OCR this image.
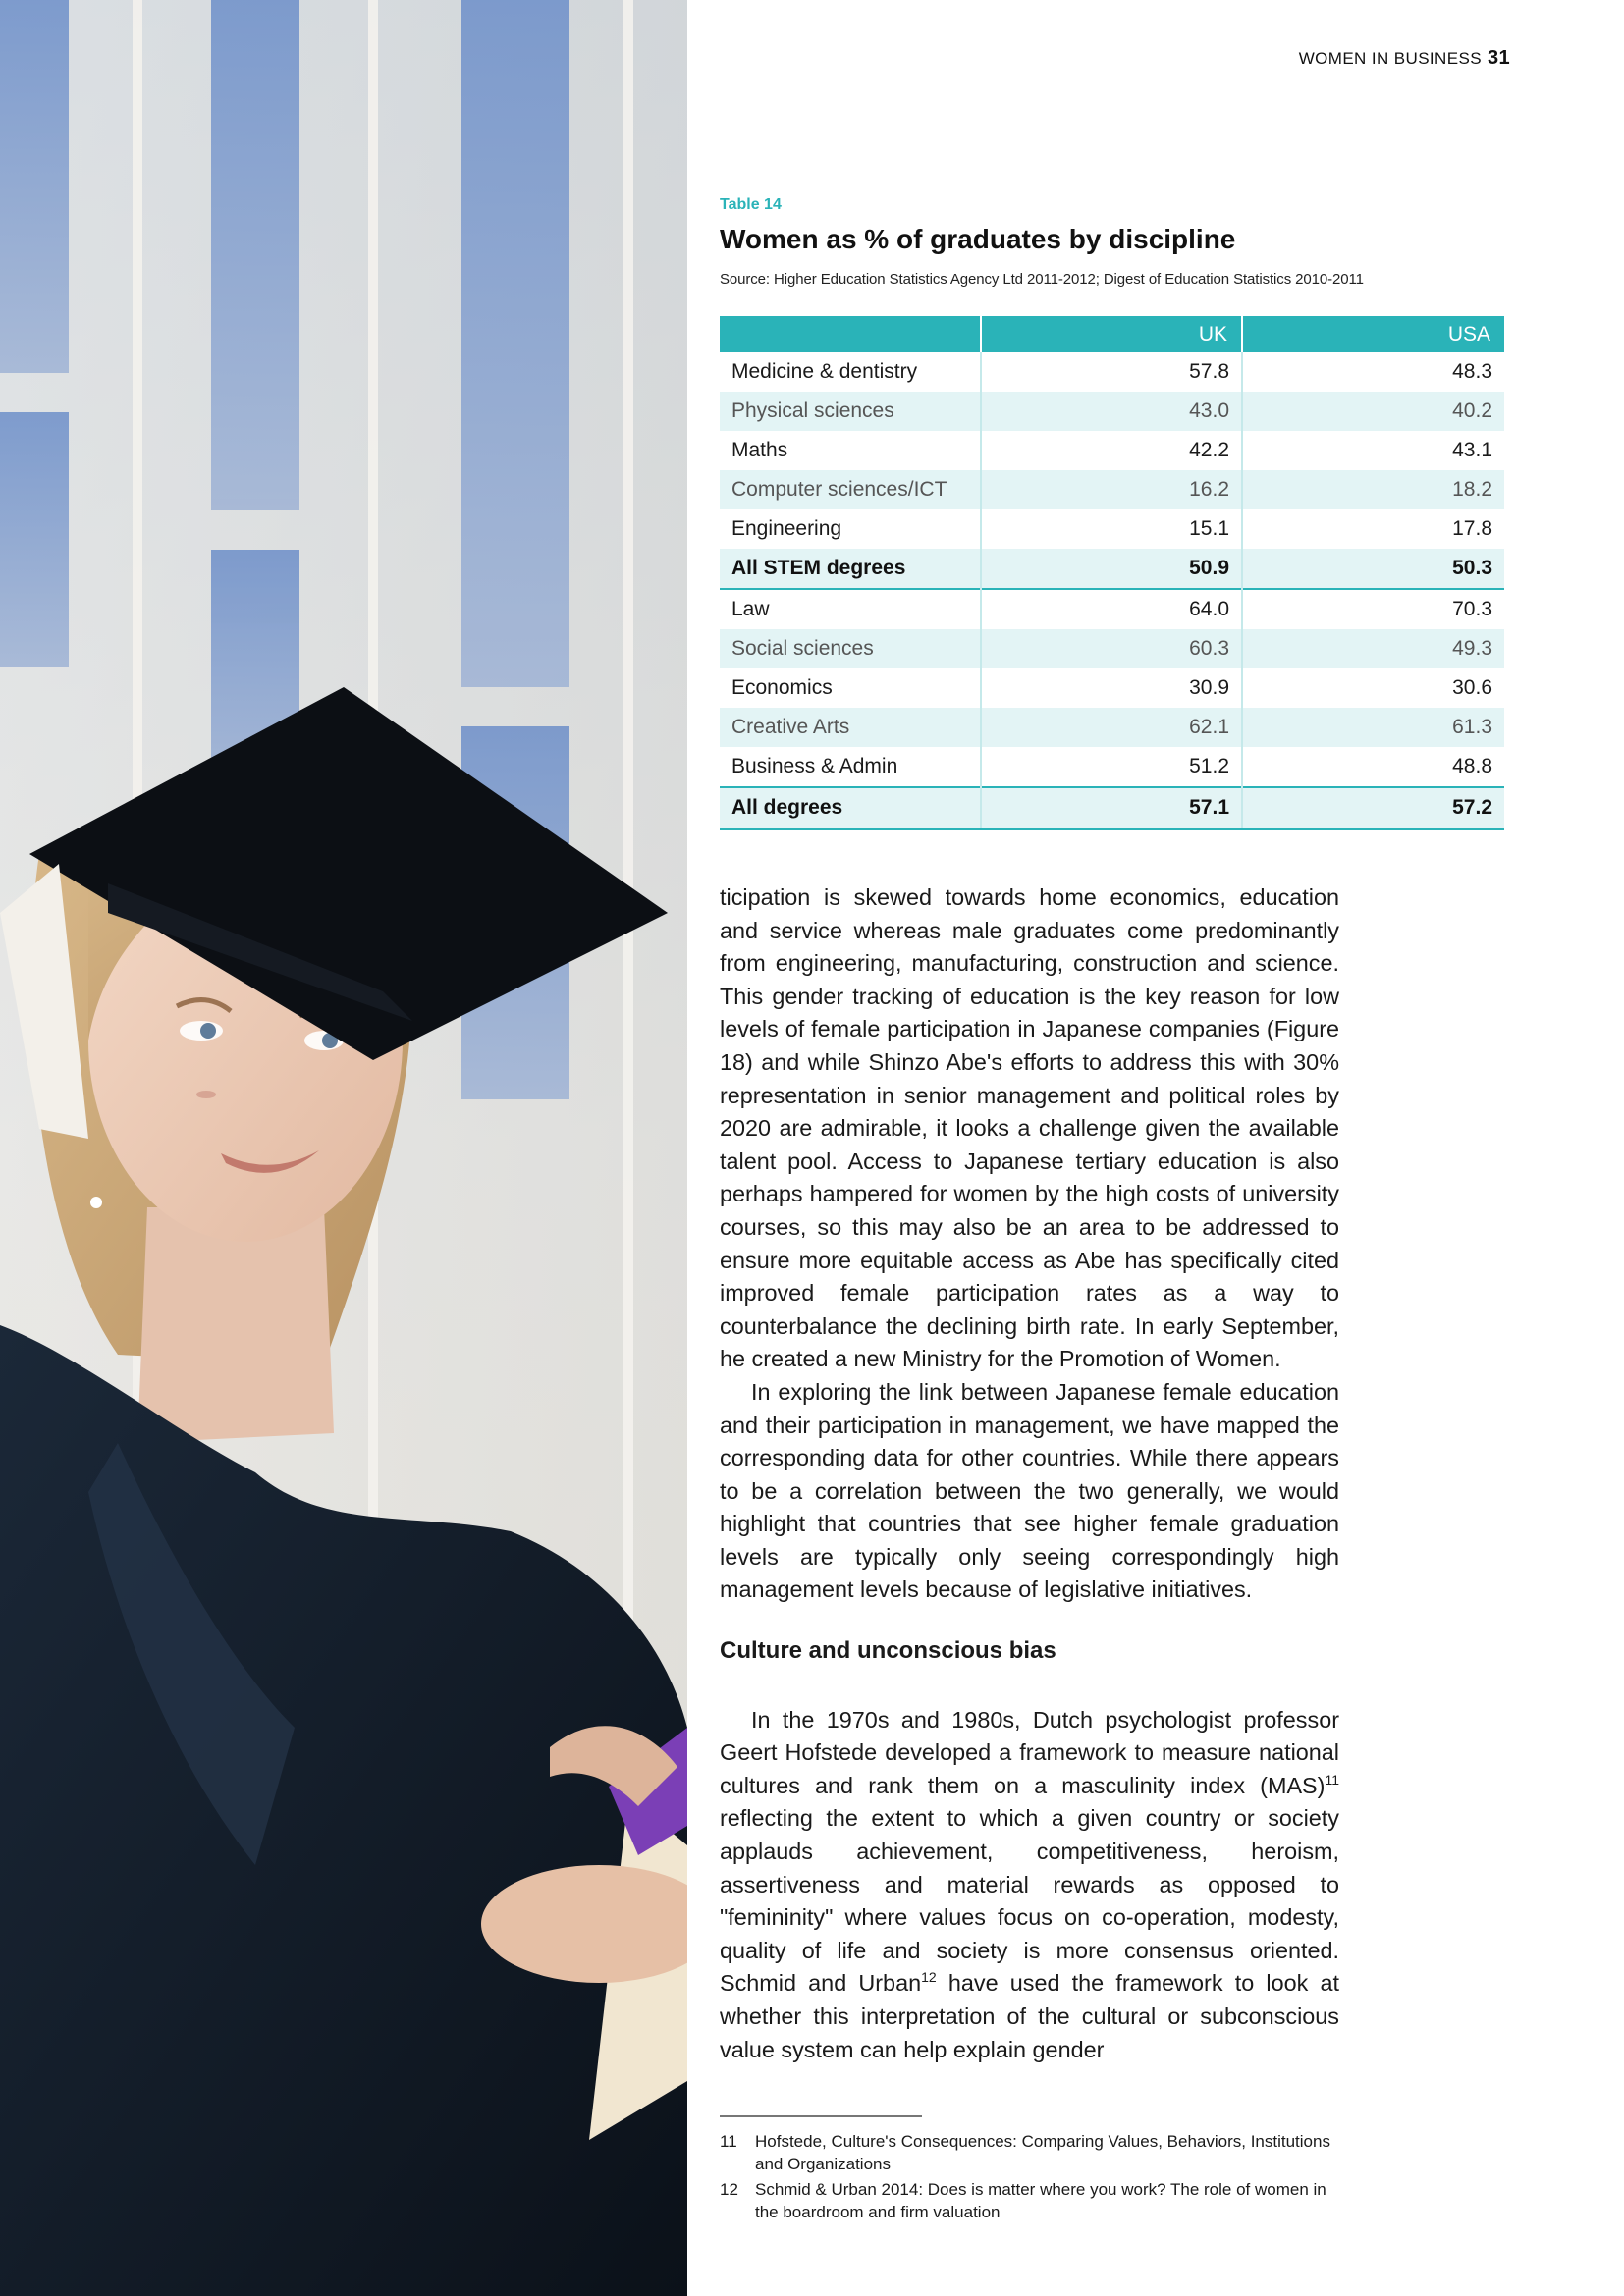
WOMEN IN BUSINESS 31
Table 14
Women as % of graduates by discipline
Source: Higher Education Statistics Agency Ltd 2011-2012; Digest of Education Statistics 2010-2011
	UK	USA
Medicine & dentistry	57.8	48.3
Physical sciences	43.0	40.2
Maths	42.2	43.1
Computer sciences/ICT	16.2	18.2
Engineering	15.1	17.8
All STEM degrees	50.9	50.3
Law	64.0	70.3
Social sciences	60.3	49.3
Economics	30.9	30.6
Creative Arts	62.1	61.3
Business & Admin	51.2	48.8
All degrees	57.1	57.2

ticipation is skewed towards home economics, education and service whereas male graduates come predominantly from engineering, manufacturing, construction and science. This gender tracking of education is the key reason for low levels of female participation in Japanese companies (Figure 18) and while Shinzo Abe's efforts to address this with 30% representation in senior management and political roles by 2020 are admirable, it looks a challenge given the available talent pool. Access to Japanese tertiary education is also perhaps hampered for women by the high costs of university courses, so this may also be an area to be addressed to ensure more equitable access as Abe has specifically cited improved female participation rates as a way to counterbalance the declining birth rate. In early September, he created a new Ministry for the Promotion of Women.

In exploring the link between Japanese female education and their participation in management, we have mapped the corresponding data for other countries. While there appears to be a correlation between the two generally, we would highlight that countries that see higher female graduation levels are typically only seeing correspondingly high management levels because of legislative initiatives.

Culture and unconscious bias

In the 1970s and 1980s, Dutch psychologist professor Geert Hofstede developed a framework to measure national cultures and rank them on a masculinity index (MAS)$^{11}$ reflecting the extent to which a given country or society applauds achievement, competitiveness, heroism, assertiveness and material rewards as opposed to "femininity" where values focus on co-operation, modesty, quality of life and society is more consensus oriented. Schmid and Urban$^{12}$ have used the framework to look at whether this interpretation of the cultural or subconscious value system can help explain gender

11	Hofstede, Culture's Consequences: Comparing Values, Behaviors, Institutions and Organizations
12	Schmid & Urban 2014: Does is matter where you work? The role of women in the boardroom and firm valuation
